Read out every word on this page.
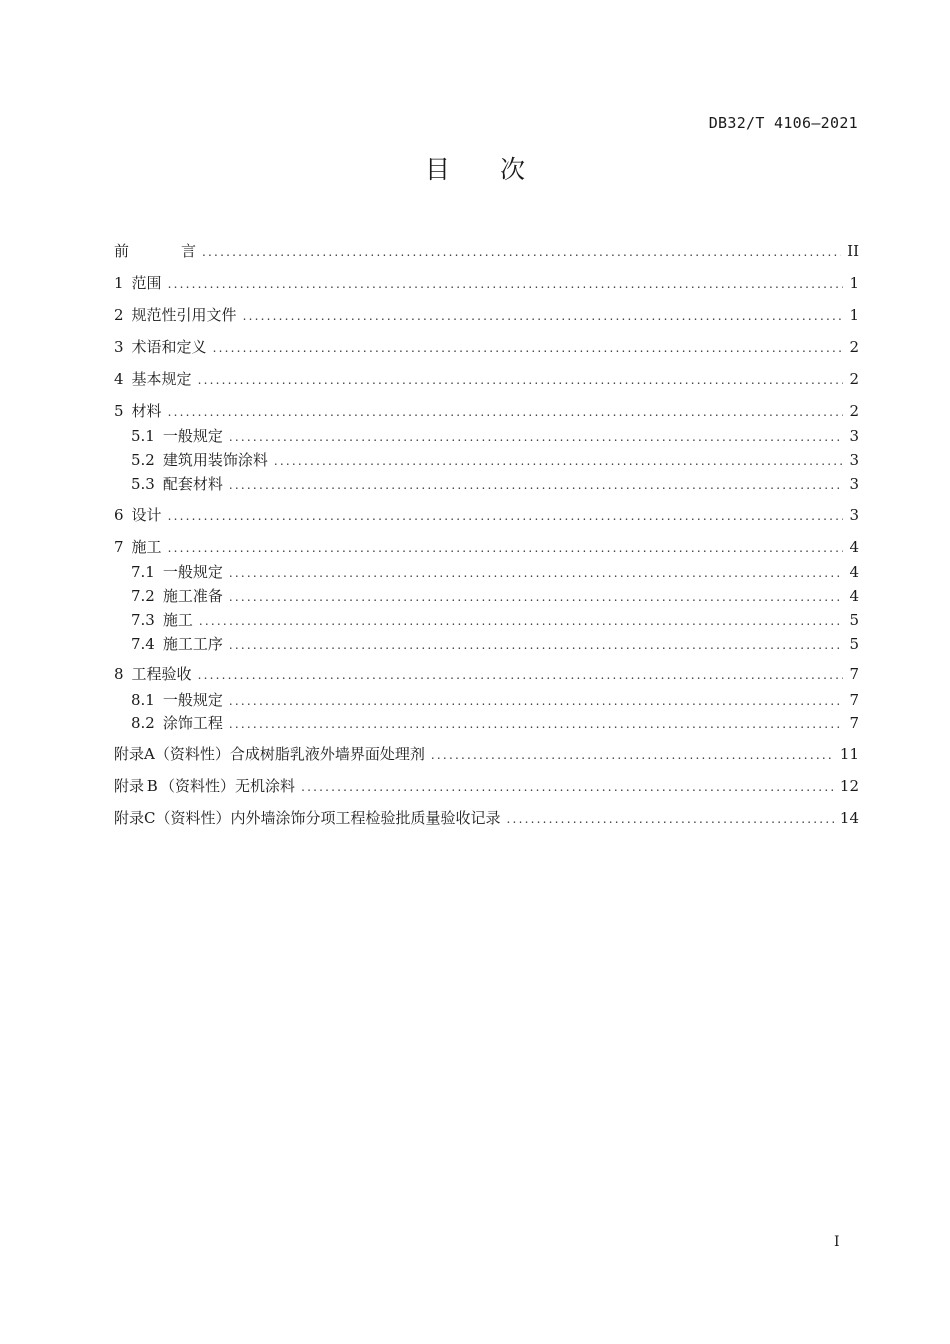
DB32/T 4106—2021
目 次
前	言 .....	II
1 范围 .....	1
2 规范性引用文件 .....	1
3 术语和定义 .....	2
4 基本规定 .....	2
5 材料 .....	2
5.1 一般规定 .....	3
5.2 建筑用装饰涂料 .....	3
5.3 配套材料 .....	3
6 设计 .....	3
7 施工 .....	4
7.1 一般规定 .....	4
7.2 施工准备 .....	4
7.3 施工 .....	5
7.4 施工工序 .....	5
8 工程验收 .....	7
8.1 一般规定 .....	7
8.2 涂饰工程 .....	7
附 录 A （资料性） 合成树脂乳液外墙界面处理剂 .....	11
附 录 B （资料性） 无机涂料 .....	12
附 录 C （资料性） 内外墙涂饰分项工程检验批质量验收记录 .....	14
I
